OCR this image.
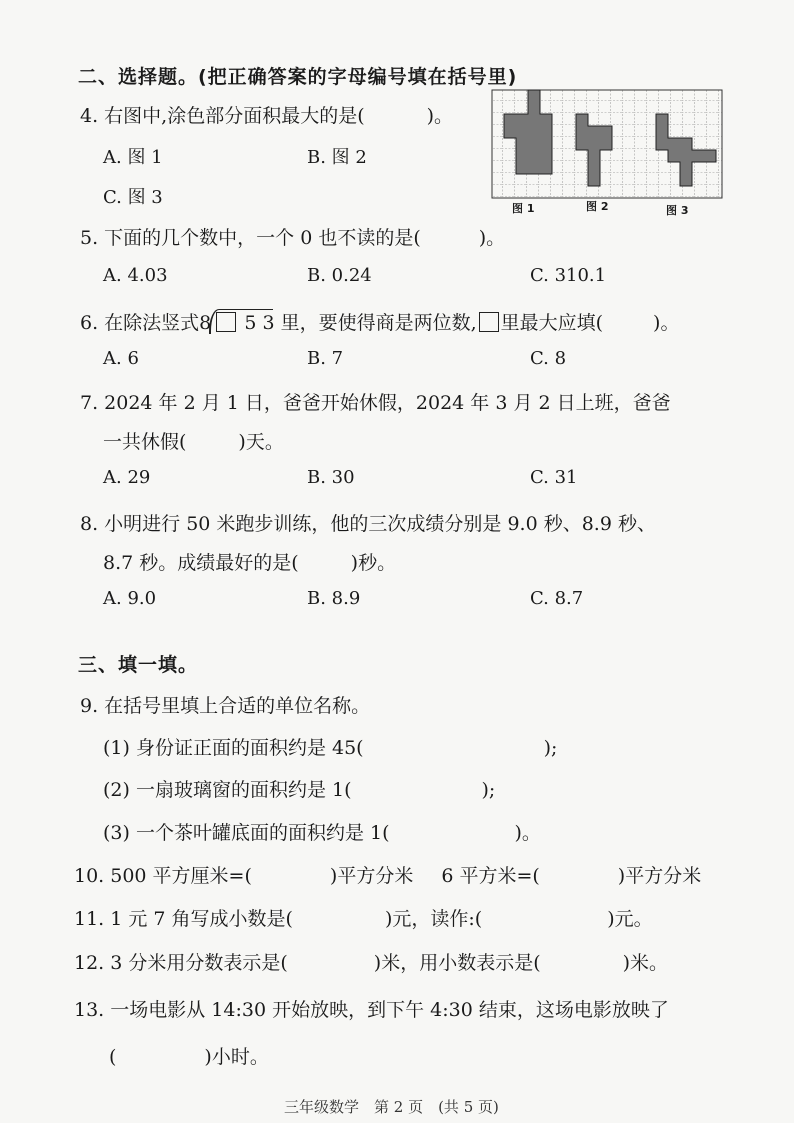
二、选择题。(把正确答案的字母编号填在括号里)
4. 右图中,涂色部分面积最大的是(	)。
A. 图 1	B. 图 2
C. 图 3
图 1	图 2	图 3
5. 下面的几个数中，一个 0 也不读的是(	)。
A. 4.03	B. 0.24	C. 310.1
6. 在除法竖式8 5 3 里，要使得商是两位数, 里最大应填(	)。
A. 6	B. 7	C. 8
7. 2024 年 2 月 1 日，爸爸开始休假，2024 年 3 月 2 日上班，爸爸
一共休假(	)天。
A. 29	B. 30	C. 31
8. 小明进行 50 米跑步训练，他的三次成绩分别是 9.0 秒、8.9 秒、
8.7 秒。成绩最好的是(	)秒。
A. 9.0	B. 8.9	C. 8.7
三、填一填。
9. 在括号里填上合适的单位名称。
(1) 身份证正面的面积约是 45(	);
(2) 一扇玻璃窗的面积约是 1(	);
(3) 一个茶叶罐底面的面积约是 1(	)。
10. 500 平方厘米=(	)平方分米 6 平方米=(	)平方分米
11. 1 元 7 角写成小数是(	)元，读作:(	)元。
12. 3 分米用分数表示是(	)米，用小数表示是(	)米。
13. 一场电影从 14:30 开始放映，到下午 4:30 结束，这场电影放映了
(	)小时。
三年级数学　第 2 页　(共 5 页)
